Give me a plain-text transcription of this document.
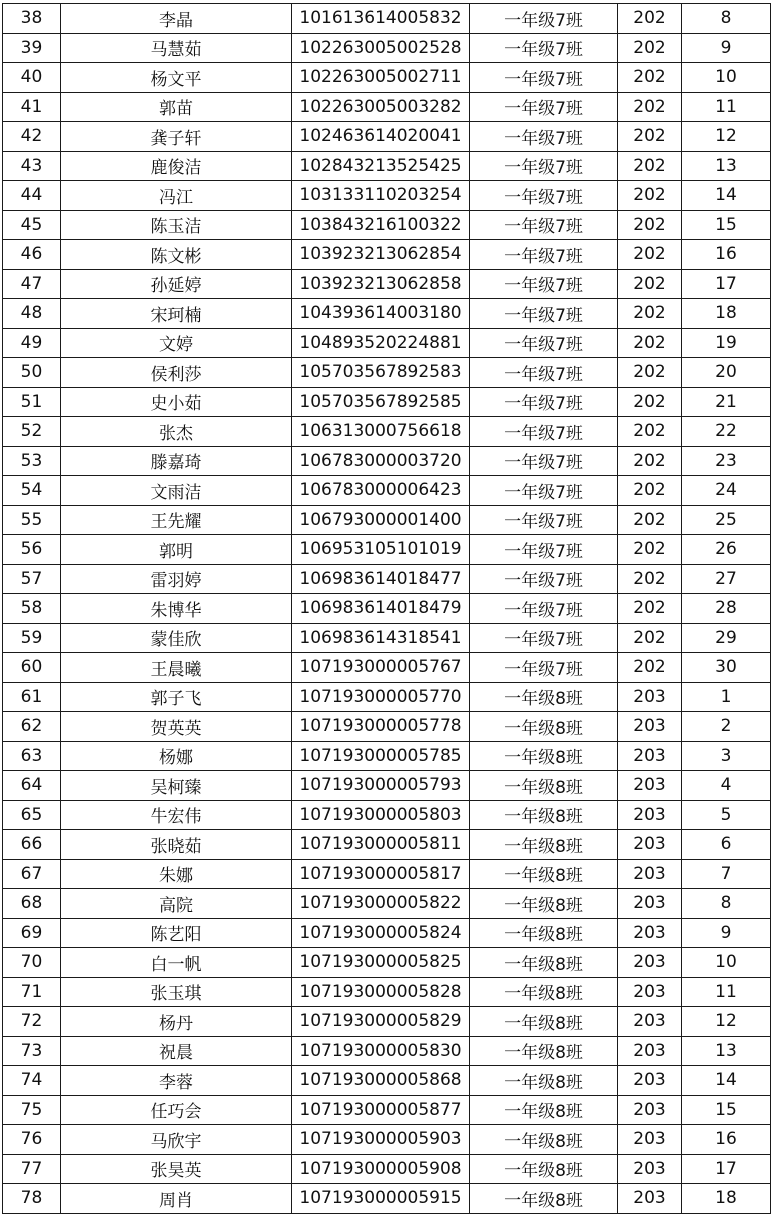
38	李晶	101613614005832	一年级7班	202	8
39	马慧茹	102263005002528	一年级7班	202	9
40	杨文平	102263005002711	一年级7班	202	10
41	郭苗	102263005003282	一年级7班	202	11
42	龚子轩	102463614020041	一年级7班	202	12
43	鹿俊洁	102843213525425	一年级7班	202	13
44	冯江	103133110203254	一年级7班	202	14
45	陈玉洁	103843216100322	一年级7班	202	15
46	陈文彬	103923213062854	一年级7班	202	16
47	孙延婷	103923213062858	一年级7班	202	17
48	宋珂楠	104393614003180	一年级7班	202	18
49	文婷	104893520224881	一年级7班	202	19
50	侯利莎	105703567892583	一年级7班	202	20
51	史小茹	105703567892585	一年级7班	202	21
52	张杰	106313000756618	一年级7班	202	22
53	滕嘉琦	106783000003720	一年级7班	202	23
54	文雨洁	106783000006423	一年级7班	202	24
55	王先耀	106793000001400	一年级7班	202	25
56	郭明	106953105101019	一年级7班	202	26
57	雷羽婷	106983614018477	一年级7班	202	27
58	朱博华	106983614018479	一年级7班	202	28
59	蒙佳欣	106983614318541	一年级7班	202	29
60	王晨曦	107193000005767	一年级7班	202	30
61	郭子飞	107193000005770	一年级8班	203	1
62	贺英英	107193000005778	一年级8班	203	2
63	杨娜	107193000005785	一年级8班	203	3
64	吴柯臻	107193000005793	一年级8班	203	4
65	牛宏伟	107193000005803	一年级8班	203	5
66	张晓茹	107193000005811	一年级8班	203	6
67	朱娜	107193000005817	一年级8班	203	7
68	高院	107193000005822	一年级8班	203	8
69	陈艺阳	107193000005824	一年级8班	203	9
70	白一帆	107193000005825	一年级8班	203	10
71	张玉琪	107193000005828	一年级8班	203	11
72	杨丹	107193000005829	一年级8班	203	12
73	祝晨	107193000005830	一年级8班	203	13
74	李蓉	107193000005868	一年级8班	203	14
75	任巧会	107193000005877	一年级8班	203	15
76	马欣宇	107193000005903	一年级8班	203	16
77	张昊英	107193000005908	一年级8班	203	17
78	周肖	107193000005915	一年级8班	203	18
